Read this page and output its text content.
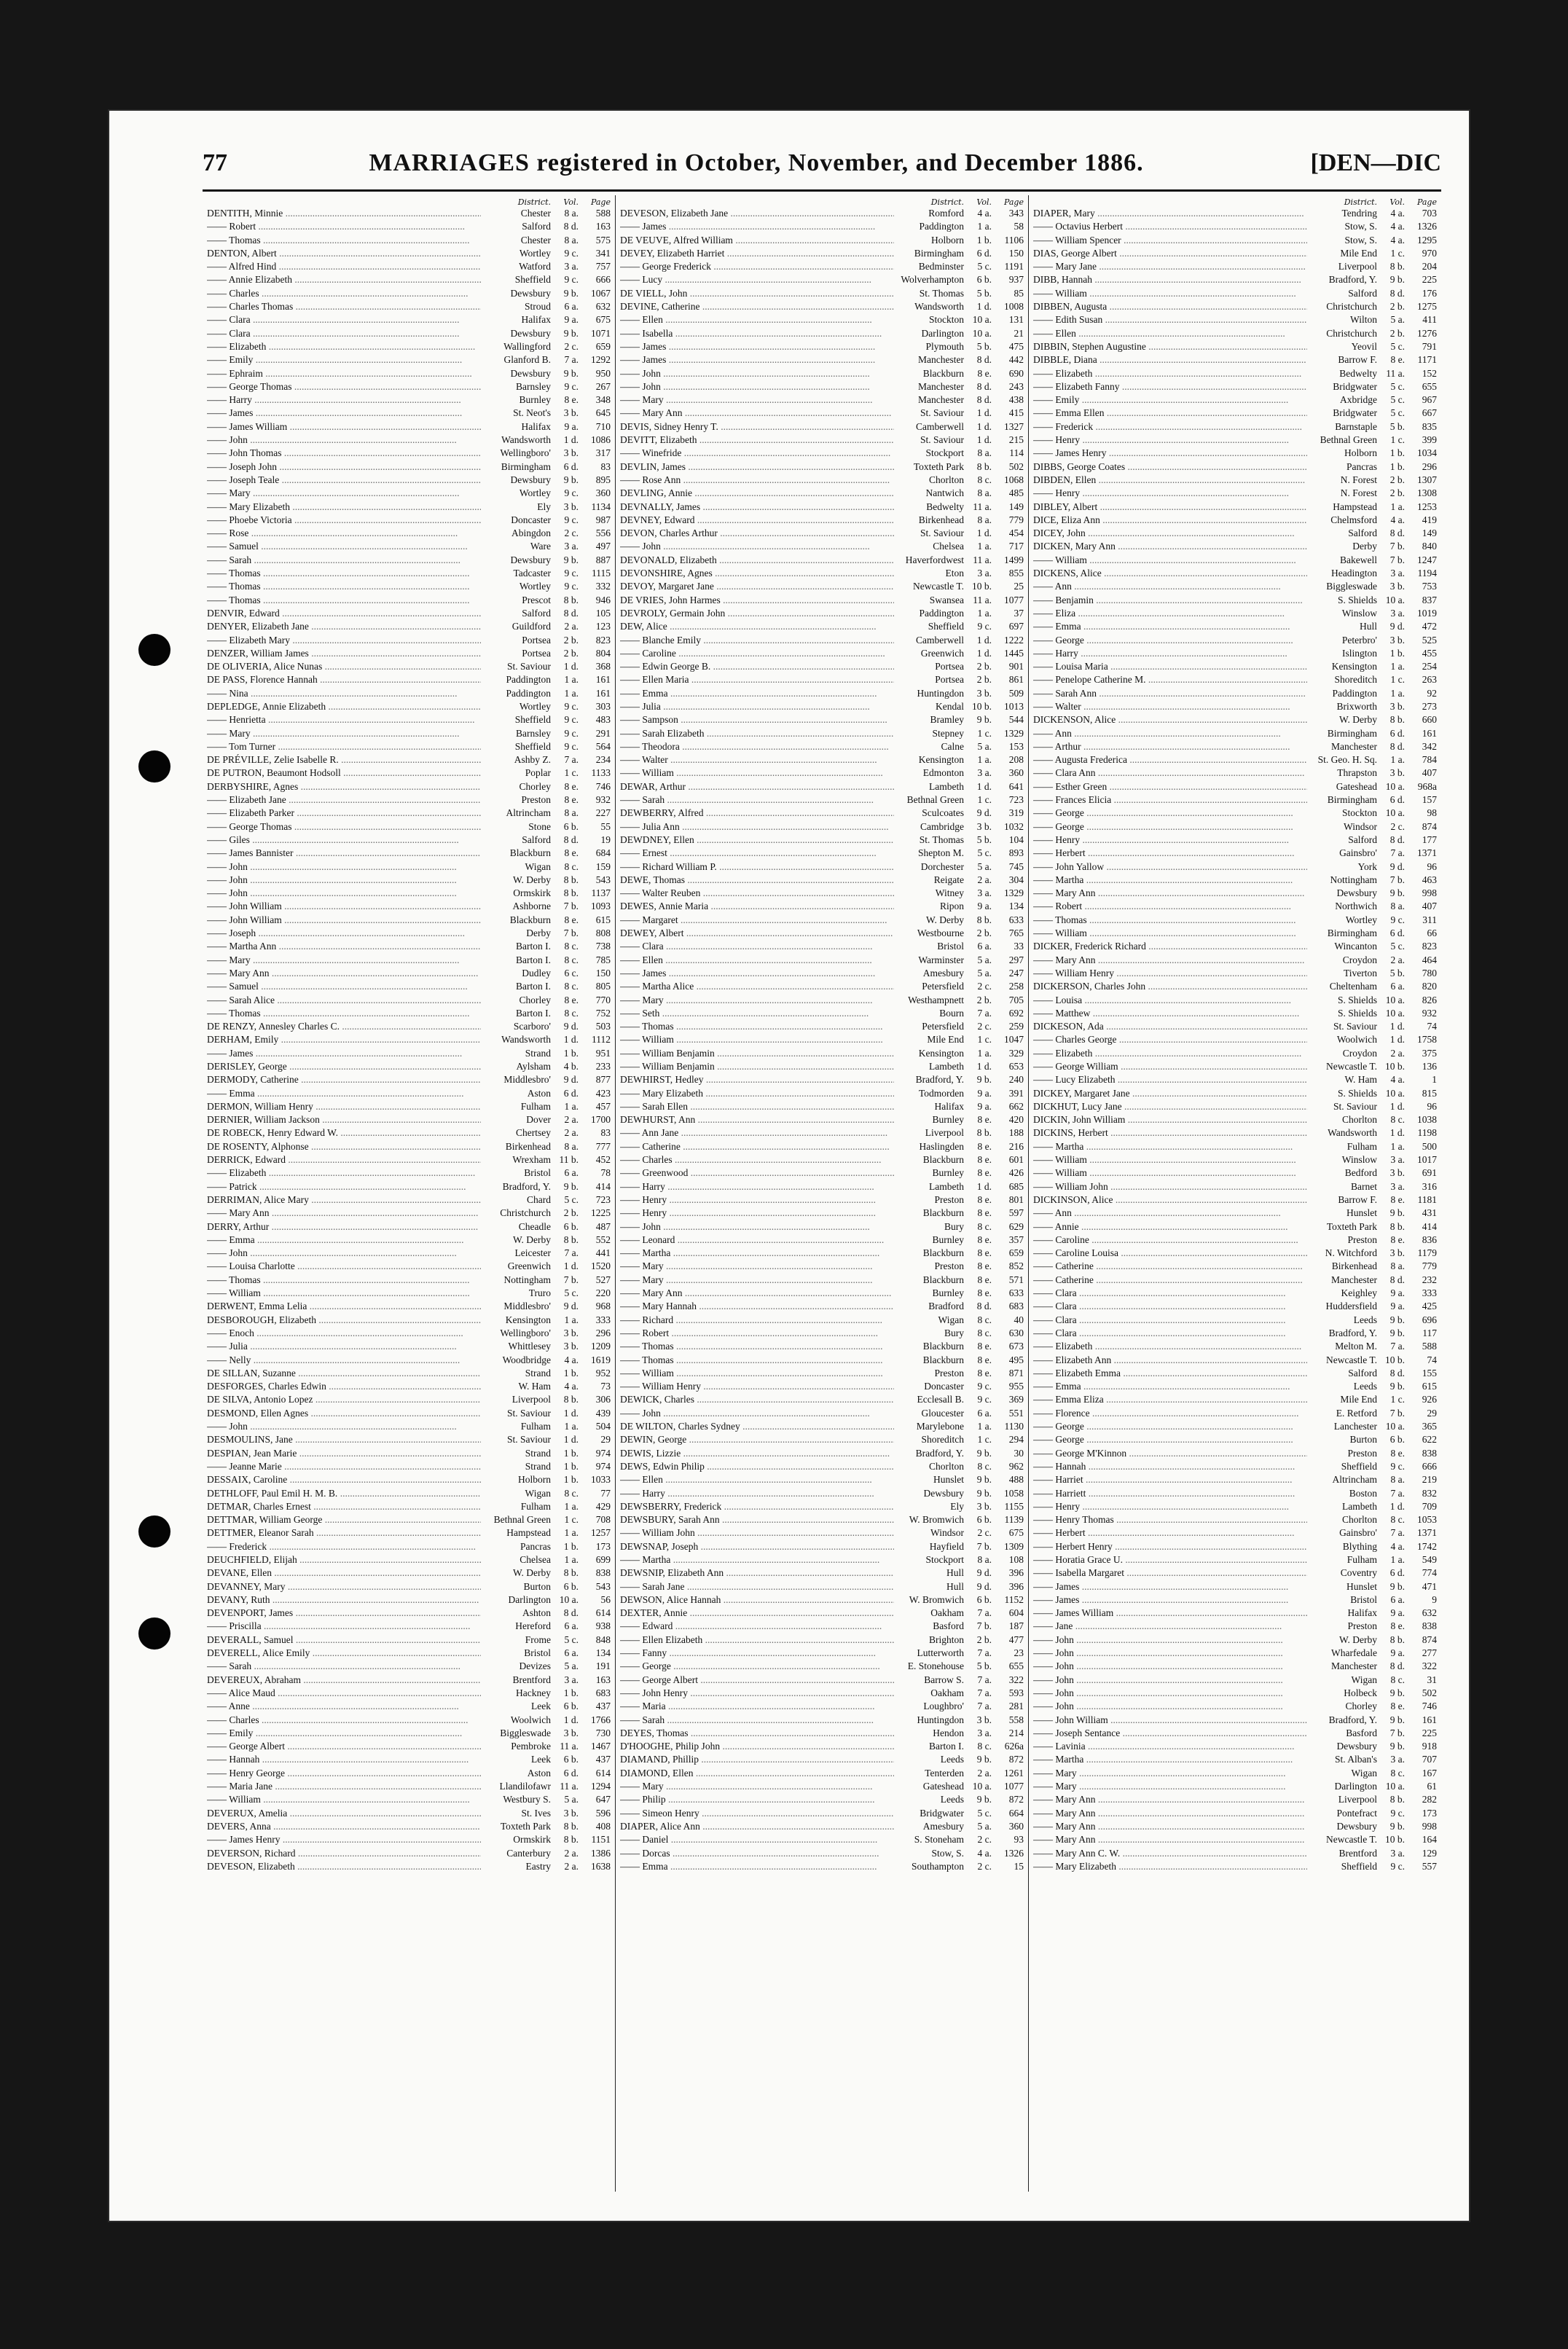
77	MARRIAGES registered in October, November, and December 1886.	[DEN—DIC
District.	Vol.	Page
DENTITH, Minnie .....	Chester	8 a.	588
—— Robert .....	Salford	8 d.	163
—— Thomas .....	Chester	8 a.	575
DENTON, Albert .....	Wortley	9 c.	341
—— Alfred Hind .....	Watford	3 a.	757
—— Annie Elizabeth .....	Sheffield	9 c.	666
—— Charles .....	Dewsbury	9 b.	1067
—— Charles Thomas .....	Stroud	6 a.	632
—— Clara .....	Halifax	9 a.	675
—— Clara .....	Dewsbury	9 b.	1071
—— Elizabeth .....	Wallingford	2 c.	659
—— Emily .....	Glanford B.	7 a.	1292
—— Ephraim .....	Dewsbury	9 b.	950
—— George Thomas .....	Barnsley	9 c.	267
—— Harry .....	Burnley	8 e.	348
—— James .....	St. Neot's	3 b.	645
—— James William .....	Halifax	9 a.	710
—— John .....	Wandsworth	1 d.	1086
—— John Thomas .....	Wellingboro'	3 b.	317
—— Joseph John .....	Birmingham	6 d.	83
—— Joseph Teale .....	Dewsbury	9 b.	895
—— Mary .....	Wortley	9 c.	360
—— Mary Elizabeth .....	Ely	3 b.	1134
—— Phoebe Victoria .....	Doncaster	9 c.	987
—— Rose .....	Abingdon	2 c.	556
—— Samuel .....	Ware	3 a.	497
—— Sarah .....	Dewsbury	9 b.	887
—— Thomas .....	Tadcaster	9 c.	1115
—— Thomas .....	Wortley	9 c.	332
—— Thomas .....	Prescot	8 b.	946
DENVIR, Edward .....	Salford	8 d.	105
DENYER, Elizabeth Jane .....	Guildford	2 a.	123
—— Elizabeth Mary .....	Portsea	2 b.	823
DENZER, William James .....	Portsea	2 b.	804
DE OLIVERIA, Alice Nunas .....	St. Saviour	1 d.	368
DE PASS, Florence Hannah .....	Paddington	1 a.	161
—— Nina .....	Paddington	1 a.	161
DEPLEDGE, Annie Elizabeth .....	Wortley	9 c.	303
—— Henrietta .....	Sheffield	9 c.	483
—— Mary .....	Barnsley	9 c.	291
—— Tom Turner .....	Sheffield	9 c.	564
DE PRÉVILLE, Zelie Isabelle R. .....	Ashby Z.	7 a.	234
DE PUTRON, Beaumont Hodsoll .....	Poplar	1 c.	1133
DERBYSHIRE, Agnes .....	Chorley	8 e.	746
—— Elizabeth Jane .....	Preston	8 e.	932
—— Elizabeth Parker .....	Altrincham	8 a.	227
—— George Thomas .....	Stone	6 b.	55
—— Giles .....	Salford	8 d.	19
—— James Bannister .....	Blackburn	8 e.	684
—— John .....	Wigan	8 c.	159
—— John .....	W. Derby	8 b.	543
—— John .....	Ormskirk	8 b.	1137
—— John William .....	Ashborne	7 b.	1093
—— John William .....	Blackburn	8 e.	615
—— Joseph .....	Derby	7 b.	808
—— Martha Ann .....	Barton I.	8 c.	738
—— Mary .....	Barton I.	8 c.	785
—— Mary Ann .....	Dudley	6 c.	150
—— Samuel .....	Barton I.	8 c.	805
—— Sarah Alice .....	Chorley	8 e.	770
—— Thomas .....	Barton I.	8 c.	752
DE RENZY, Annesley Charles C. .....	Scarboro'	9 d.	503
DERHAM, Emily .....	Wandsworth	1 d.	1112
—— James .....	Strand	1 b.	951
DERISLEY, George .....	Aylsham	4 b.	233
DERMODY, Catherine .....	Middlesbro'	9 d.	877
—— Emma .....	Aston	6 d.	423
DERMON, William Henry .....	Fulham	1 a.	457
DERNIER, William Jackson .....	Dover	2 a.	1700
DE ROBECK, Henry Edward W. .....	Chertsey	2 a.	83
DE ROSENTY, Alphonse .....	Birkenhead	8 a.	777
DERRICK, Edward .....	Wrexham 11 b.	452
—— Elizabeth .....	Bristol	6 a.	78
—— Patrick .....	Bradford, Y.	9 b.	414
DERRIMAN, Alice Mary .....	Chard	5 c.	723
—— Mary Ann .....	Christchurch	2 b.	1225
DERRY, Arthur .....	Cheadle	6 b.	487
—— Emma .....	W. Derby	8 b.	552
—— John .....	Leicester	7 a.	441
—— Louisa Charlotte .....	Greenwich	1 d.	1520
—— Thomas .....	Nottingham	7 b.	527
—— William .....	Truro	5 c.	220
DERWENT, Emma Lelia .....	Middlesbro'	9 d.	968
DESBOROUGH, Elizabeth .....	Kensington	1 a.	333
—— Enoch .....	Wellingboro'	3 b.	296
—— Julia .....	Whittlesey	3 b.	1209
—— Nelly .....	Woodbridge	4 a.	1619
DE SILLAN, Suzanne .....	Strand	1 b.	952
DESFORGES, Charles Edwin .....	W. Ham	4 a.	73
DE SILVA, Antonio Lopez .....	Liverpool	8 b.	306
DESMOND, Ellen Agnes .....	St. Saviour	1 d.	439
—— John .....	Fulham	1 a.	504
DESMOULINS, Jane .....	St. Saviour	1 d.	29
DESPIAN, Jean Marie .....	Strand	1 b.	974
—— Jeanne Marie .....	Strand	1 b.	974
DESSAIX, Caroline .....	Holborn	1 b.	1033
DETHLOFF, Paul Emil H. M. B. .....	Wigan	8 c.	77
DETMAR, Charles Ernest .....	Fulham	1 a.	429
DETTMAR, William George .....	Bethnal Green	1 c.	708
DETTMER, Eleanor Sarah .....	Hampstead	1 a.	1257
—— Frederick .....	Pancras	1 b.	173
DEUCHFIELD, Elijah .....	Chelsea	1 a.	699
DEVANE, Ellen .....	W. Derby	8 b.	838
DEVANNEY, Mary .....	Burton	6 b.	543
DEVANY, Ruth .....	Darlington 10 a.	56
DEVENPORT, James .....	Ashton	8 d.	614
—— Priscilla .....	Hereford	6 a.	938
DEVERALL, Samuel .....	Frome	5 c.	848
DEVERELL, Alice Emily .....	Bristol	6 a.	134
—— Sarah .....	Devizes	5 a.	191
DEVEREUX, Abraham .....	Brentford	3 a.	163
—— Alice Maud .....	Hackney	1 b.	683
—— Anne .....	Leek	6 b.	437
—— Charles .....	Woolwich	1 d.	1766
—— Emily .....	Biggleswade	3 b.	730
—— George Albert .....	Pembroke 11 a.	1467
—— Hannah .....	Leek	6 b.	437
—— Henry George .....	Aston	6 d.	614
—— Maria Jane .....	Llandilofawr 11 a.	1294
—— William .....	Westbury S.	5 a.	647
DEVERUX, Amelia .....	St. Ives	3 b.	596
DEVERS, Anna .....	Toxteth Park	8 b.	408
—— James Henry .....	Ormskirk	8 b.	1151
DEVERSON, Richard .....	Canterbury	2 a.	1386
DEVESON, Elizabeth .....	Eastry	2 a.	1638
District.	Vol.	Page
DEVESON, Elizabeth Jane .....	Romford	4 a.	343
—— James .....	Paddington	1 a.	58
DE VEUVE, Alfred William .....	Holborn	1 b.	1106
DEVEY, Elizabeth Harriet .....	Birmingham	6 d.	150
—— George Frederick .....	Bedminster	5 c.	1191
—— Lucy .....	Wolverhampton	6 b.	937
DE VIELL, John .....	St. Thomas	5 b.	85
DEVINE, Catherine .....	Wandsworth	1 d.	1008
—— Ellen .....	Stockton 10 a.	131
—— Isabella .....	Darlington 10 a.	21
—— James .....	Plymouth	5 b.	475
—— James .....	Manchester	8 d.	442
—— John .....	Blackburn	8 e.	690
—— John .....	Manchester	8 d.	243
—— Mary .....	Manchester	8 d.	438
—— Mary Ann .....	St. Saviour	1 d.	415
DEVIS, Sidney Henry T. .....	Camberwell	1 d.	1327
DEVITT, Elizabeth .....	St. Saviour	1 d.	215
—— Winefride .....	Stockport	8 a.	114
DEVLIN, James .....	Toxteth Park	8 b.	502
—— Rose Ann .....	Chorlton	8 c.	1068
DEVLING, Annie .....	Nantwich	8 a.	485
DEVNALLY, James .....	Bedwelty 11 a.	149
DEVNEY, Edward .....	Birkenhead	8 a.	779
DEVON, Charles Arthur .....	St. Saviour	1 d.	454
—— John .....	Chelsea	1 a.	717
DEVONALD, Elizabeth .....	Haverfordwest 11 a.	1499
DEVONSHIRE, Agnes .....	Eton	3 a.	855
DEVOY, Margaret Jane .....	Newcastle T. 10 b.	25
DE VRIES, John Harmes .....	Swansea 11 a.	1077
DEVROLY, Germain John .....	Paddington	1 a.	37
DEW, Alice .....	Sheffield	9 c.	697
—— Blanche Emily .....	Camberwell	1 d.	1222
—— Caroline .....	Greenwich	1 d.	1445
—— Edwin George B. .....	Portsea	2 b.	901
—— Ellen Maria .....	Portsea	2 b.	861
—— Emma .....	Huntingdon	3 b.	509
—— Julia .....	Kendal 10 b.	1013
—— Sampson .....	Bramley	9 b.	544
—— Sarah Elizabeth .....	Stepney	1 c.	1329
—— Theodora .....	Calne	5 a.	153
—— Walter .....	Kensington	1 a.	208
—— William .....	Edmonton	3 a.	360
DEWAR, Arthur .....	Lambeth	1 d.	641
—— Sarah .....	Bethnal Green	1 c.	723
DEWBERRY, Alfred .....	Sculcoates	9 d.	319
—— Julia Ann .....	Cambridge	3 b.	1032
DEWDNEY, Ellen .....	St. Thomas	5 b.	104
—— Ernest .....	Shepton M.	5 c.	893
—— Richard William P. .....	Dorchester	5 a.	745
DEWE, Thomas .....	Reigate	2 a.	304
—— Walter Reuben .....	Witney	3 a.	1329
DEWES, Annie Maria .....	Ripon	9 a.	134
—— Margaret .....	W. Derby	8 b.	633
DEWEY, Albert .....	Westbourne	2 b.	765
—— Clara .....	Bristol	6 a.	33
—— Ellen .....	Warminster	5 a.	297
—— James .....	Amesbury	5 a.	247
—— Martha Alice .....	Petersfield	2 c.	258
—— Mary .....	Westhampnett	2 b.	705
—— Seth .....	Bourn	7 a.	692
—— Thomas .....	Petersfield	2 c.	259
—— William .....	Mile End	1 c.	1047
—— William Benjamin .....	Kensington	1 a.	329
—— William Benjamin .....	Lambeth	1 d.	653
DEWHIRST, Hedley .....	Bradford, Y.	9 b.	240
—— Mary Elizabeth .....	Todmorden	9 a.	391
—— Sarah Ellen .....	Halifax	9 a.	662
DEWHURST, Ann .....	Burnley	8 e.	420
—— Ann Jane .....	Liverpool	8 b.	188
—— Catherine .....	Haslingden	8 e.	216
—— Charles .....	Blackburn	8 e.	601
—— Greenwood .....	Burnley	8 e.	426
—— Harry .....	Lambeth	1 d.	685
—— Henry .....	Preston	8 e.	801
—— Henry .....	Blackburn	8 e.	597
—— John .....	Bury	8 c.	629
—— Leonard .....	Burnley	8 e.	357
—— Martha .....	Blackburn	8 e.	659
—— Mary .....	Preston	8 e.	852
—— Mary .....	Blackburn	8 e.	571
—— Mary Ann .....	Burnley	8 e.	633
—— Mary Hannah .....	Bradford	8 d.	683
—— Richard .....	Wigan	8 c.	40
—— Robert .....	Bury	8 c.	630
—— Thomas .....	Blackburn	8 e.	673
—— Thomas .....	Blackburn	8 e.	495
—— William .....	Preston	8 e.	871
—— William Henry .....	Doncaster	9 c.	955
DEWICK, Charles .....	Ecclesall B.	9 c.	369
—— John .....	Gloucester	6 a.	551
DE WILTON, Charles Sydney .....	Marylebone	1 a.	1130
DEWIN, George .....	Shoreditch	1 c.	294
DEWIS, Lizzie .....	Bradford, Y.	9 b.	30
DEWS, Edwin Philip .....	Chorlton	8 c.	962
—— Ellen .....	Hunslet	9 b.	488
—— Harry .....	Dewsbury	9 b.	1058
DEWSBERRY, Frederick .....	Ely	3 b.	1155
DEWSBURY, Sarah Ann .....	W. Bromwich	6 b.	1139
—— William John .....	Windsor	2 c.	675
DEWSNAP, Joseph .....	Hayfield	7 b.	1309
—— Martha .....	Stockport	8 a.	108
DEWSNIP, Elizabeth Ann .....	Hull	9 d.	396
—— Sarah Jane .....	Hull	9 d.	396
DEWSON, Alice Hannah .....	W. Bromwich	6 b.	1152
DEXTER, Annie .....	Oakham	7 a.	604
—— Edward .....	Basford	7 b.	187
—— Ellen Elizabeth .....	Brighton	2 b.	477
—— Fanny .....	Lutterworth	7 a.	23
—— George .....	E. Stonehouse	5 b.	655
—— George Albert .....	Barrow S.	7 a.	322
—— John Henry .....	Oakham	7 a.	593
—— Maria .....	Loughbro'	7 a.	281
—— Sarah .....	Huntingdon	3 b.	558
DEYES, Thomas .....	Hendon	3 a.	214
D'HOOGHE, Philip John .....	Barton I.	8 c.	626a
DIAMAND, Phillip .....	Leeds	9 b.	872
DIAMOND, Ellen .....	Tenterden	2 a.	1261
—— Mary .....	Gateshead 10 a.	1077
—— Philip .....	Leeds	9 b.	872
—— Simeon Henry .....	Bridgwater	5 c.	664
DIAPER, Alice Ann .....	Amesbury	5 a.	360
—— Daniel .....	S. Stoneham	2 c.	93
—— Dorcas .....	Stow, S.	4 a.	1326
—— Emma .....	Southampton	2 c.	15
District.	Vol.	Page
DIAPER, Mary .....	Tendring	4 a.	703
—— Octavius Herbert .....	Stow, S.	4 a.	1326
—— William Spencer .....	Stow, S.	4 a.	1295
DIAS, George Albert .....	Mile End	1 c.	970
—— Mary Jane .....	Liverpool	8 b.	204
DIBB, Hannah .....	Bradford, Y.	9 b.	225
—— William .....	Salford	8 d.	176
DIBBEN, Augusta .....	Christchurch	2 b.	1275
—— Edith Susan .....	Wilton	5 a.	411
—— Ellen .....	Christchurch	2 b.	1276
DIBBIN, Stephen Augustine .....	Yeovil	5 c.	791
DIBBLE, Diana .....	Barrow F.	8 e.	1171
—— Elizabeth .....	Bedwelty 11 a.	152
—— Elizabeth Fanny .....	Bridgwater	5 c.	655
—— Emily .....	Axbridge	5 c.	967
—— Emma Ellen .....	Bridgwater	5 c.	667
—— Frederick .....	Barnstaple	5 b.	835
—— Henry .....	Bethnal Green	1 c.	399
—— James Henry .....	Holborn	1 b.	1034
DIBBS, George Coates .....	Pancras	1 b.	296
DIBDEN, Ellen .....	N. Forest	2 b.	1307
—— Henry .....	N. Forest	2 b.	1308
DIBLEY, Albert .....	Hampstead	1 a.	1253
DICE, Eliza Ann .....	Chelmsford	4 a.	419
DICEY, John .....	Salford	8 d.	149
DICKEN, Mary Ann .....	Derby	7 b.	840
—— William .....	Bakewell	7 b.	1247
DICKENS, Alice .....	Headington	3 a.	1194
—— Ann .....	Biggleswade	3 b.	753
—— Benjamin .....	S. Shields 10 a.	837
—— Eliza .....	Winslow	3 a.	1019
—— Emma .....	Hull	9 d.	472
—— George .....	Peterbro'	3 b.	525
—— Harry .....	Islington	1 b.	455
—— Louisa Maria .....	Kensington	1 a.	254
—— Penelope Catherine M. .....	Shoreditch	1 c.	263
—— Sarah Ann .....	Paddington	1 a.	92
—— Walter .....	Brixworth	3 b.	273
DICKENSON, Alice .....	W. Derby	8 b.	660
—— Ann .....	Birmingham	6 d.	161
—— Arthur .....	Manchester	8 d.	342
—— Augusta Frederica .....	St. Geo. H. Sq.	1 a.	784
—— Clara Ann .....	Thrapston	3 b.	407
—— Esther Green .....	Gateshead 10 a.	968a
—— Frances Elicia .....	Birmingham	6 d.	157
—— George .....	Stockton 10 a.	98
—— George .....	Windsor	2 c.	874
—— Henry .....	Salford	8 d.	177
—— Herbert .....	Gainsbro'	7 a.	1371
—— John Yallow .....	York	9 d.	96
—— Martha .....	Nottingham	7 b.	463
—— Mary Ann .....	Dewsbury	9 b.	998
—— Robert .....	Northwich	8 a.	407
—— Thomas .....	Wortley	9 c.	311
—— William .....	Birmingham	6 d.	66
DICKER, Frederick Richard .....	Wincanton	5 c.	823
—— Mary Ann .....	Croydon	2 a.	464
—— William Henry .....	Tiverton	5 b.	780
DICKERSON, Charles John .....	Cheltenham	6 a.	820
—— Louisa .....	S. Shields 10 a.	826
—— Matthew .....	S. Shields 10 a.	932
DICKESON, Ada .....	St. Saviour	1 d.	74
—— Charles George .....	Woolwich	1 d.	1758
—— Elizabeth .....	Croydon	2 a.	375
—— George William .....	Newcastle T. 10 b.	136
—— Lucy Elizabeth .....	W. Ham	4 a.	1
DICKEY, Margaret Jane .....	S. Shields 10 a.	815
DICKHUT, Lucy Jane .....	St. Saviour	1 d.	96
DICKIN, John William .....	Chorlton	8 c.	1038
DICKINS, Herbert .....	Wandsworth	1 d.	1198
—— Martha .....	Fulham	1 a.	500
—— William .....	Winslow	3 a.	1017
—— William .....	Bedford	3 b.	691
—— William John .....	Barnet	3 a.	316
DICKINSON, Alice .....	Barrow F.	8 e.	1181
—— Ann .....	Hunslet	9 b.	431
—— Annie .....	Toxteth Park	8 b.	414
—— Caroline .....	Preston	8 e.	836
—— Caroline Louisa .....	N. Witchford	3 b.	1179
—— Catherine .....	Birkenhead	8 a.	779
—— Catherine .....	Manchester	8 d.	232
—— Clara .....	Keighley	9 a.	333
—— Clara .....	Huddersfield	9 a.	425
—— Clara .....	Leeds	9 b.	696
—— Clara .....	Bradford, Y.	9 b.	117
—— Elizabeth .....	Melton M.	7 a.	588
—— Elizabeth Ann .....	Newcastle T. 10 b.	74
—— Elizabeth Emma .....	Salford	8 d.	155
—— Emma .....	Leeds	9 b.	615
—— Emma Eliza .....	Mile End	1 c.	926
—— Florence .....	E. Retford	7 b.	29
—— George .....	Lanchester 10 a.	365
—— George .....	Burton	6 b.	622
—— George M'Kinnon .....	Preston	8 e.	838
—— Hannah .....	Sheffield	9 c.	666
—— Harriet .....	Altrincham	8 a.	219
—— Harriett .....	Boston	7 a.	832
—— Henry .....	Lambeth	1 d.	709
—— Henry Thomas .....	Chorlton	8 c.	1053
—— Herbert .....	Gainsbro'	7 a.	1371
—— Herbert Henry .....	Blything	4 a.	1742
—— Horatia Grace U. .....	Fulham	1 a.	549
—— Isabella Margaret .....	Coventry	6 d.	774
—— James .....	Hunslet	9 b.	471
—— James .....	Bristol	6 a.	9
—— James William .....	Halifax	9 a.	632
—— Jane .....	Preston	8 e.	838
—— John .....	W. Derby	8 b.	874
—— John .....	Wharfedale	9 a.	277
—— John .....	Manchester	8 d.	322
—— John .....	Wigan	8 c.	31
—— John .....	Holbeck	9 b.	502
—— John .....	Chorley	8 e.	746
—— John William .....	Bradford, Y.	9 b.	161
—— Joseph Sentance .....	Basford	7 b.	225
—— Lavinia .....	Dewsbury	9 b.	918
—— Martha .....	St. Alban's	3 a.	707
—— Mary .....	Wigan	8 c.	167
—— Mary .....	Darlington 10 a.	61
—— Mary Ann .....	Liverpool	8 b.	282
—— Mary Ann .....	Pontefract	9 c.	173
—— Mary Ann .....	Dewsbury	9 b.	998
—— Mary Ann .....	Newcastle T. 10 b.	164
—— Mary Ann C. W. .....	Brentford	3 a.	129
—— Mary Elizabeth .....	Sheffield	9 c.	557
